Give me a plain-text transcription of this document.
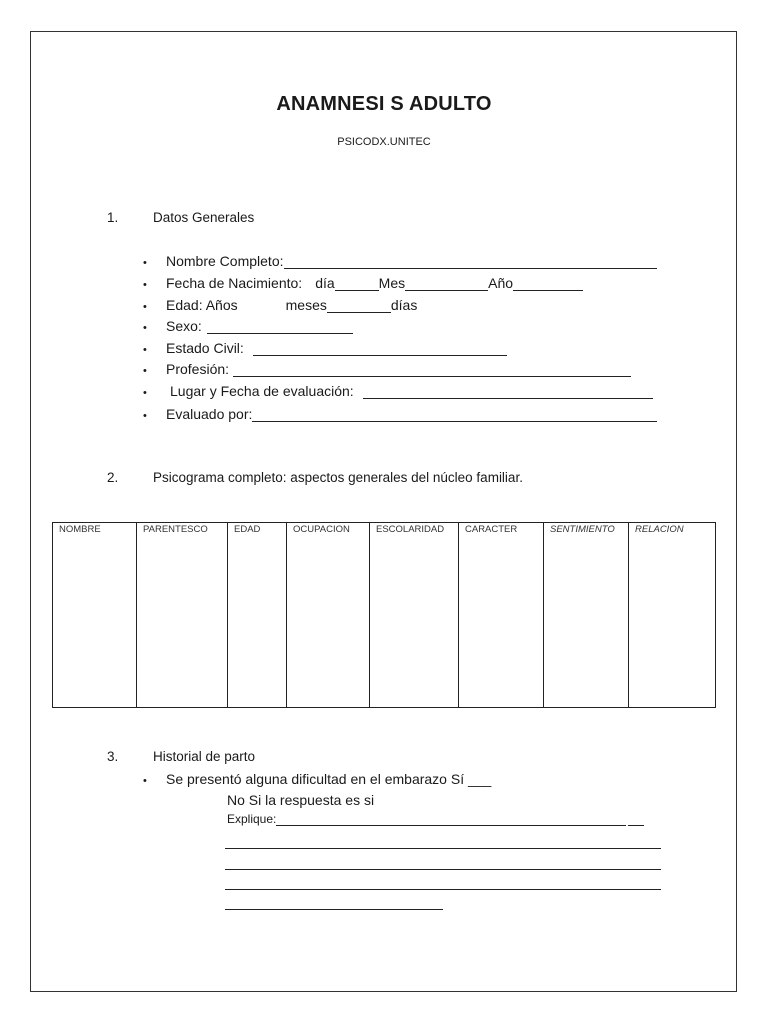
ANAMNESI S ADULTO
PSICODX.UNITEC
1.	Datos Generales
•	Nombre Completo:
•	Fecha de Nacimiento: día	Mes	Año
•	Edad: Años	meses	días
•	Sexo:
•	Estado Civil:
•	Profesión:
•	Lugar y Fecha de evaluación:
•	Evaluado por:
2.	Psicograma completo: aspectos generales del núcleo familiar.
NOMBRE	PARENTESCO	EDAD	OCUPACION	ESCOLARIDAD	CARACTER	SENTIMIENTO	RELACION
3.	Historial de parto
• Se presentó alguna dificultad en el embarazo Sí ___
No Si la respuesta es si
Explique:
